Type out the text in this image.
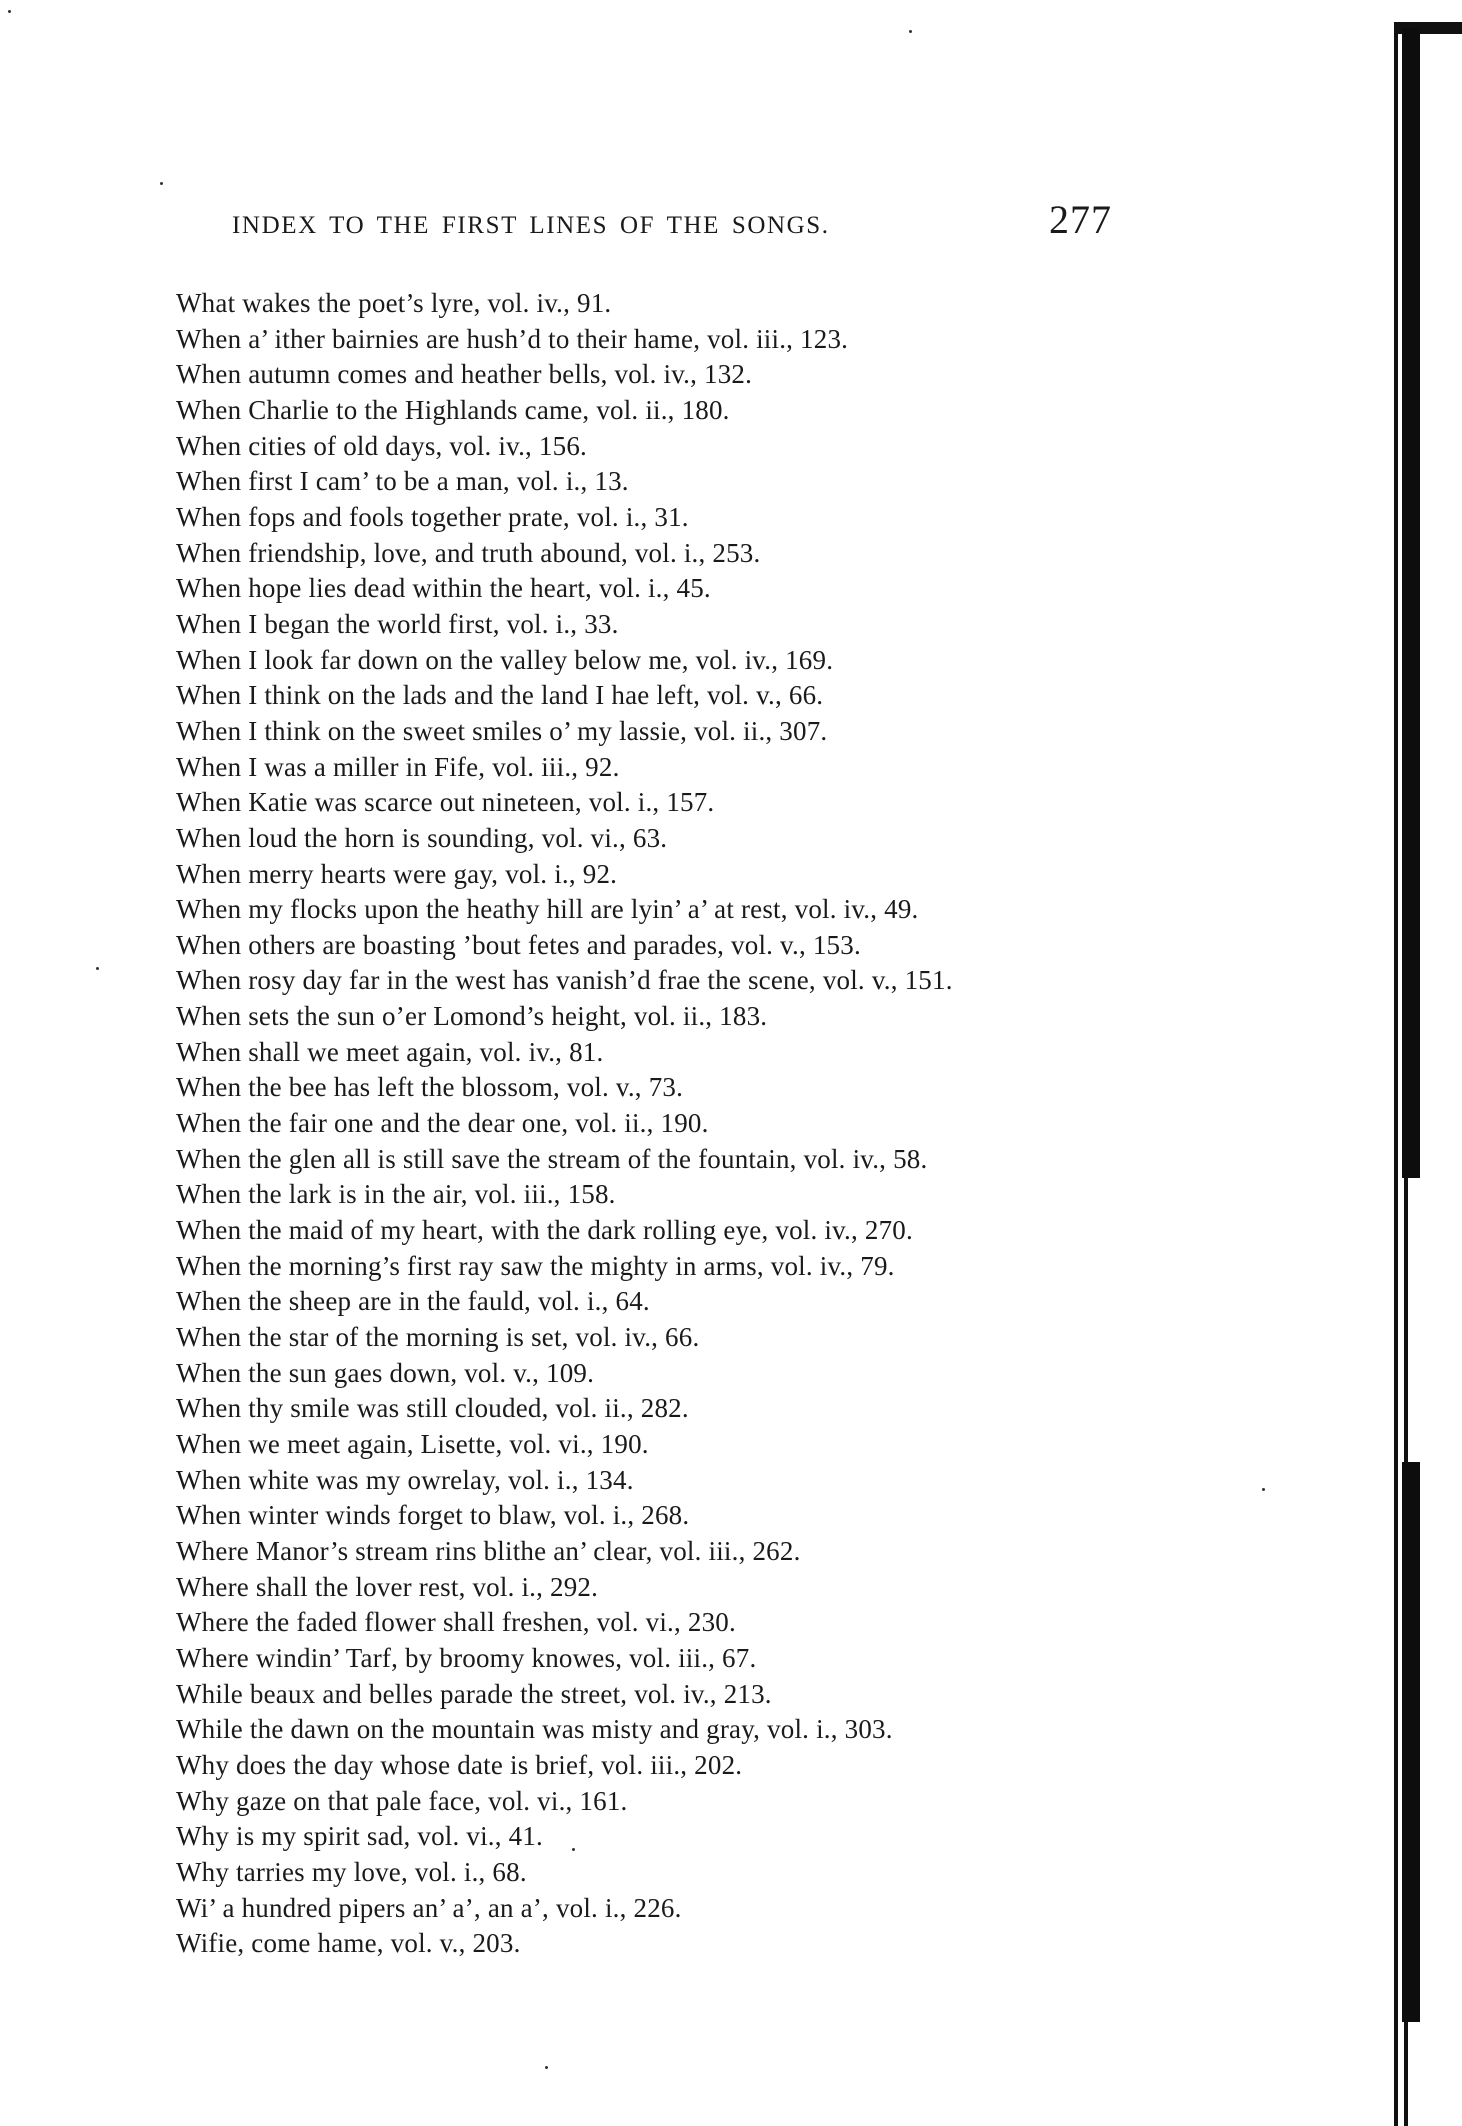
INDEX TO THE FIRST LINES OF THE SONGS.	277
What wakes the poet’s lyre, vol. iv., 91.
When a’ ither bairnies are hush’d to their hame, vol. iii., 123.
When autumn comes and heather bells, vol. iv., 132.
When Charlie to the Highlands came, vol. ii., 180.
When cities of old days, vol. iv., 156.
When first I cam’ to be a man, vol. i., 13.
When fops and fools together prate, vol. i., 31.
When friendship, love, and truth abound, vol. i., 253.
When hope lies dead within the heart, vol. i., 45.
When I began the world first, vol. i., 33.
When I look far down on the valley below me, vol. iv., 169.
When I think on the lads and the land I hae left, vol. v., 66.
When I think on the sweet smiles o’ my lassie, vol. ii., 307.
When I was a miller in Fife, vol. iii., 92.
When Katie was scarce out nineteen, vol. i., 157.
When loud the horn is sounding, vol. vi., 63.
When merry hearts were gay, vol. i., 92.
When my flocks upon the heathy hill are lyin’ a’ at rest, vol. iv., 49.
When others are boasting ’bout fetes and parades, vol. v., 153.
When rosy day far in the west has vanish’d frae the scene, vol. v., 151.
When sets the sun o’er Lomond’s height, vol. ii., 183.
When shall we meet again, vol. iv., 81.
When the bee has left the blossom, vol. v., 73.
When the fair one and the dear one, vol. ii., 190.
When the glen all is still save the stream of the fountain, vol. iv., 58.
When the lark is in the air, vol. iii., 158.
When the maid of my heart, with the dark rolling eye, vol. iv., 270.
When the morning’s first ray saw the mighty in arms, vol. iv., 79.
When the sheep are in the fauld, vol. i., 64.
When the star of the morning is set, vol. iv., 66.
When the sun gaes down, vol. v., 109.
When thy smile was still clouded, vol. ii., 282.
When we meet again, Lisette, vol. vi., 190.
When white was my owrelay, vol. i., 134.
When winter winds forget to blaw, vol. i., 268.
Where Manor’s stream rins blithe an’ clear, vol. iii., 262.
Where shall the lover rest, vol. i., 292.
Where the faded flower shall freshen, vol. vi., 230.
Where windin’ Tarf, by broomy knowes, vol. iii., 67.
While beaux and belles parade the street, vol. iv., 213.
While the dawn on the mountain was misty and gray, vol. i., 303.
Why does the day whose date is brief, vol. iii., 202.
Why gaze on that pale face, vol. vi., 161.
Why is my spirit sad, vol. vi., 41.
Why tarries my love, vol. i., 68.
Wi’ a hundred pipers an’ a’, an a’, vol. i., 226.
Wifie, come hame, vol. v., 203.
